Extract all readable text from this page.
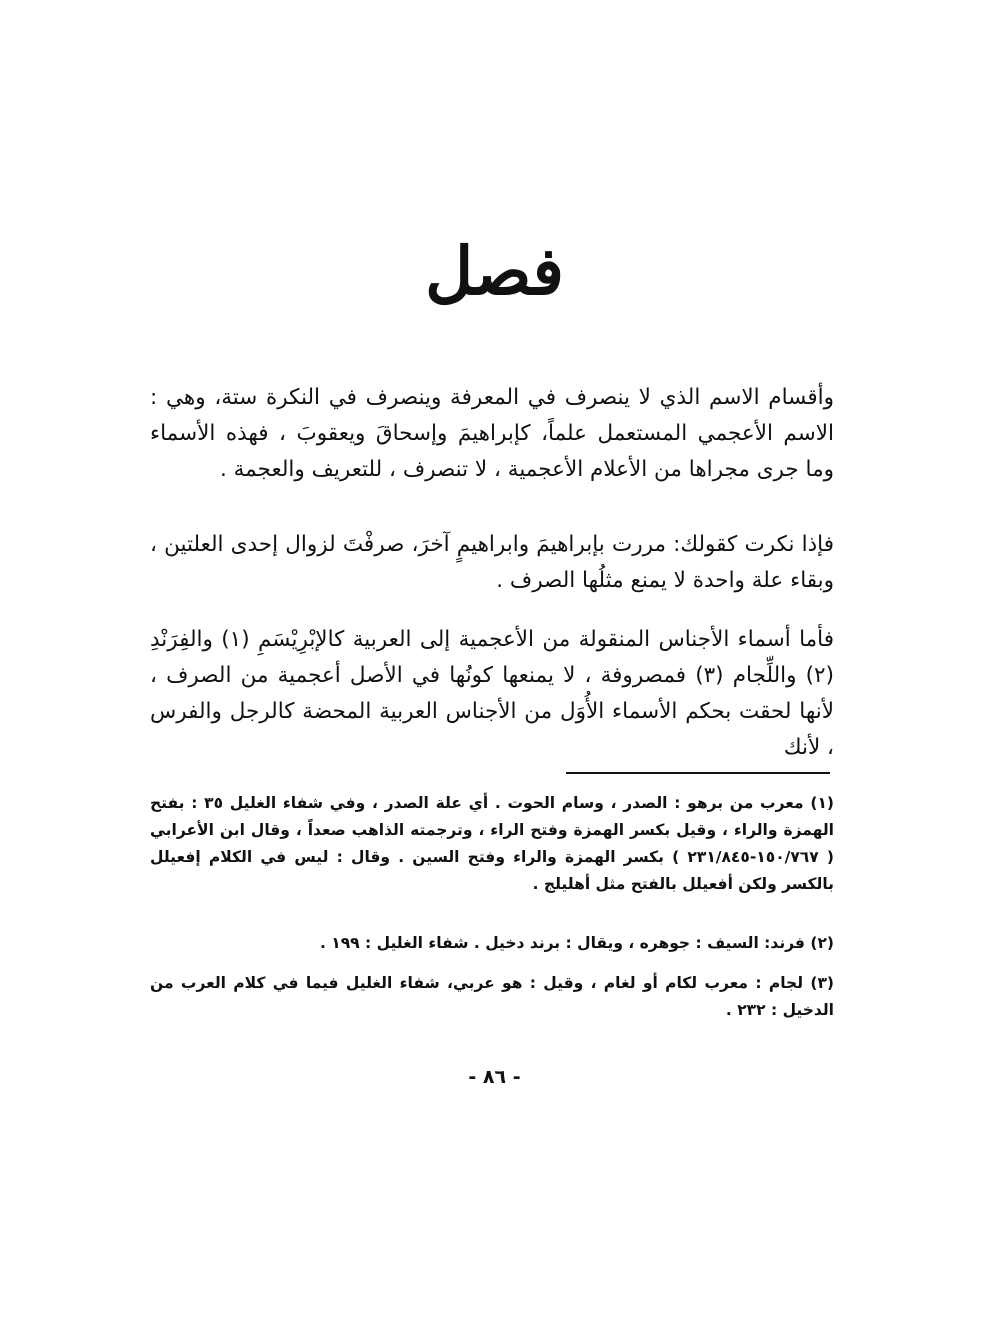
فصل

وأقسام الاسم الذي لا ينصرف في المعرفة وينصرف في النكرة ستة، وهي : الاسم الأعجمي المستعمل علماً، كإبراهيمَ وإسحاقَ ويعقوبَ ، فهذه الأسماء وما جرى مجراها من الأعلام الأعجمية ، لا تنصرف ، للتعريف والعجمة .

فإذا نكرت كقولك: مررت بإبراهيمَ وابراهيمٍ آخرَ، صرفْتَ لزوال إحدى العلتين ، وبقاء علة واحدة لا يمنع مثلُها الصرف .

فأما أسماء الأجناس المنقولة من الأعجمية إلى العربية كالإبْرِيْسَمِ (١) والفِرَنْدِ (٢) واللِّجام (٣) فمصروفة ، لا يمنعها كونُها في الأصل أعجمية من الصرف ، لأنها لحقت بحكم الأسماء الأُوَل من الأجناس العربية المحضة كالرجل والفرس ، لأنك

(١) معرب من برهو : الصدر ، وسام الحوت . أي علة الصدر ، وفي شفاء الغليل ٣٥ : بفتح الهمزة والراء ، وقيل بكسر الهمزة وفتح الراء ، وترجمته الذاهب صعداً ، وقال ابن الأعرابي ( ١٥٠/٧٦٧-٢٣١/٨٤٥ ) بكسر الهمزة والراء وفتح السين . وقال : ليس في الكلام إفعيلل بالكسر ولكن أفعيلل بالفتح مثل أهليلج .

(٢) فرند: السيف : جوهره ، ويقال : برند دخيل . شفاء الغليل : ١٩٩ .

(٣) لجام : معرب لكام أو لغام ، وقيل : هو عربي، شفاء الغليل فيما في كلام العرب من الدخيل : ٢٣٢ .

- ٨٦ -
